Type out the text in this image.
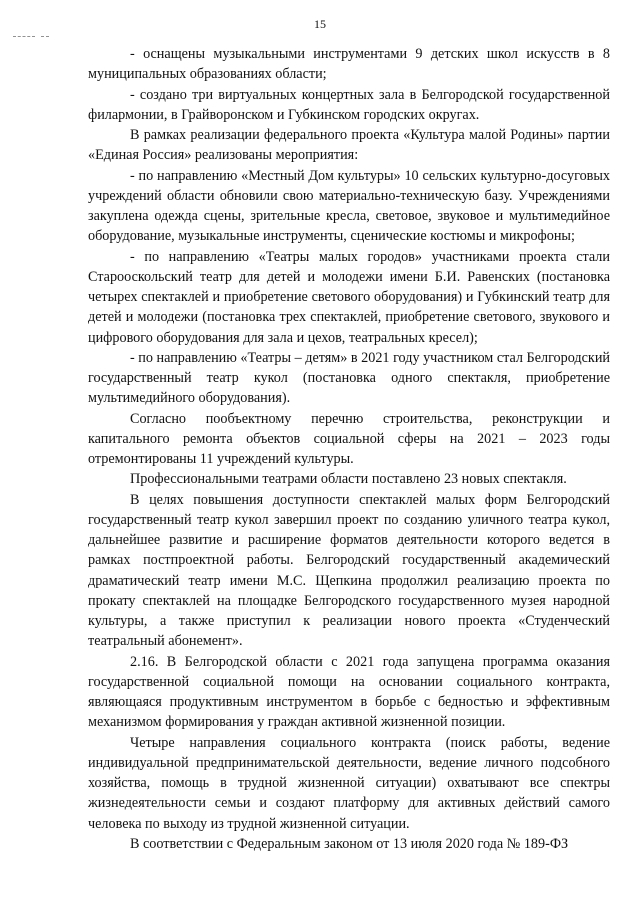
15

- оснащены музыкальными инструментами 9 детских школ искусств в 8 муниципальных образованиях области;

- создано три виртуальных концертных зала в Белгородской государственной филармонии, в Грайворонском и Губкинском городских округах.

В рамках реализации федерального проекта «Культура малой Родины» партии «Единая Россия» реализованы мероприятия:

- по направлению «Местный Дом культуры» 10 сельских культурно-досуговых учреждений области обновили свою материально-техническую базу. Учреждениями закуплена одежда сцены, зрительные кресла, световое, звуковое и мультимедийное оборудование, музыкальные инструменты, сценические костюмы и микрофоны;

- по направлению «Театры малых городов» участниками проекта стали Старооскольский театр для детей и молодежи имени Б.И. Равенских (постановка четырех спектаклей и приобретение светового оборудования) и Губкинский театр для детей и молодежи (постановка трех спектаклей, приобретение светового, звукового и цифрового оборудования для зала и цехов, театральных кресел);

- по направлению «Театры – детям» в 2021 году участником стал Белгородский государственный театр кукол (постановка одного спектакля, приобретение мультимедийного оборудования).

Согласно пообъектному перечню строительства, реконструкции и капитального ремонта объектов социальной сферы на 2021 – 2023 годы отремонтированы 11 учреждений культуры.

Профессиональными театрами области поставлено 23 новых спектакля.

В целях повышения доступности спектаклей малых форм Белгородский государственный театр кукол завершил проект по созданию уличного театра кукол, дальнейшее развитие и расширение форматов деятельности которого ведется в рамках постпроектной работы. Белгородский государственный академический драматический театр имени М.С. Щепкина продолжил реализацию проекта по прокату спектаклей на площадке Белгородского государственного музея народной культуры, а также приступил к реализации нового проекта «Студенческий театральный абонемент».

2.16. В Белгородской области с 2021 года запущена программа оказания государственной социальной помощи на основании социального контракта, являющаяся продуктивным инструментом в борьбе с бедностью и эффективным механизмом формирования у граждан активной жизненной позиции.

Четыре направления социального контракта (поиск работы, ведение индивидуальной предпринимательской деятельности, ведение личного подсобного хозяйства, помощь в трудной жизненной ситуации) охватывают все спектры жизнедеятельности семьи и создают платформу для активных действий самого человека по выходу из трудной жизненной ситуации.

В соответствии с Федеральным законом от 13 июля 2020 года № 189-ФЗ
